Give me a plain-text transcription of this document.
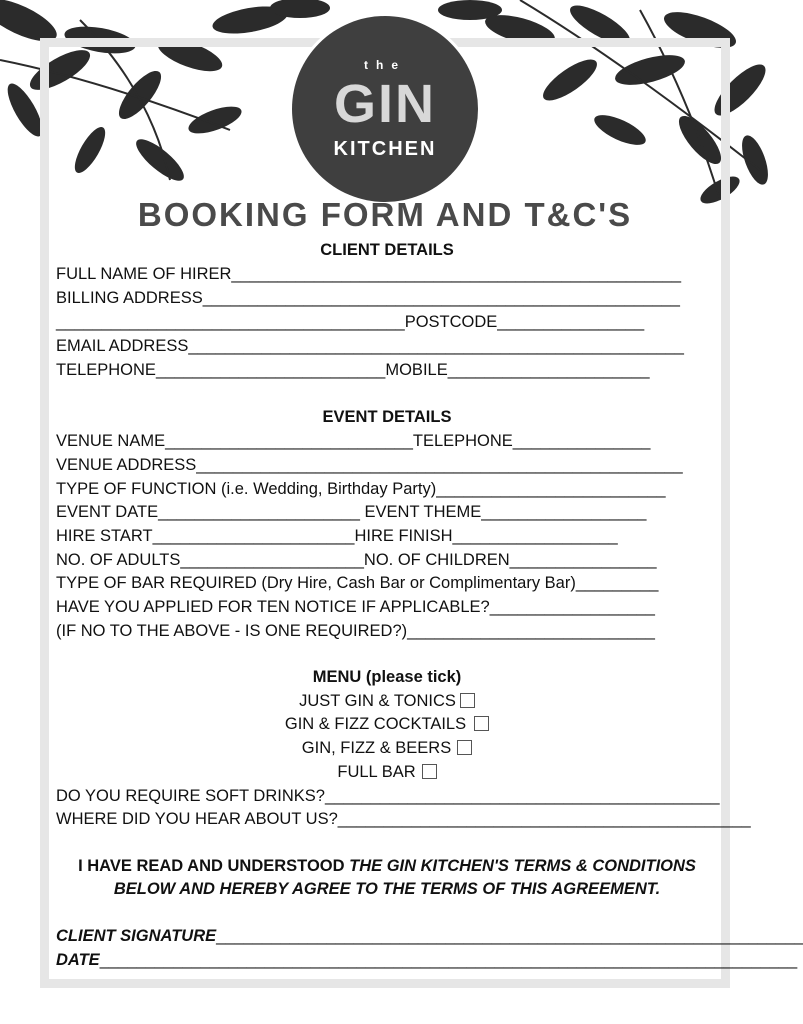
the
GIN
KITCHEN
BOOKING FORM AND T&C'S
CLIENT DETAILS
FULL NAME OF HIRER_________________________________________________
BILLING ADDRESS____________________________________________________
______________________________________POSTCODE________________
EMAIL ADDRESS______________________________________________________
TELEPHONE_________________________MOBILE______________________
EVENT DETAILS
VENUE NAME___________________________TELEPHONE_______________
VENUE ADDRESS_____________________________________________________
TYPE OF FUNCTION (i.e. Wedding, Birthday Party)_________________________
EVENT DATE______________________ EVENT THEME__________________
HIRE START______________________HIRE FINISH__________________
NO. OF ADULTS____________________NO. OF CHILDREN________________
TYPE OF BAR REQUIRED (Dry Hire, Cash Bar or Complimentary Bar)_________
HAVE YOU APPLIED FOR TEN NOTICE IF APPLICABLE?__________________
(IF NO TO THE ABOVE - IS ONE REQUIRED?)___________________________
MENU (please tick)
JUST GIN & TONICS
GIN & FIZZ COCKTAILS
GIN, FIZZ & BEERS
FULL BAR
DO YOU REQUIRE SOFT DRINKS?___________________________________________
WHERE DID YOU HEAR ABOUT US?_____________________________________________
I HAVE READ AND UNDERSTOOD THE GIN KITCHEN'S TERMS & CONDITIONS
BELOW AND HEREBY AGREE TO THE TERMS OF THIS AGREEMENT.
CLIENT SIGNATURE________________________________________________________________
DATE____________________________________________________________________________
